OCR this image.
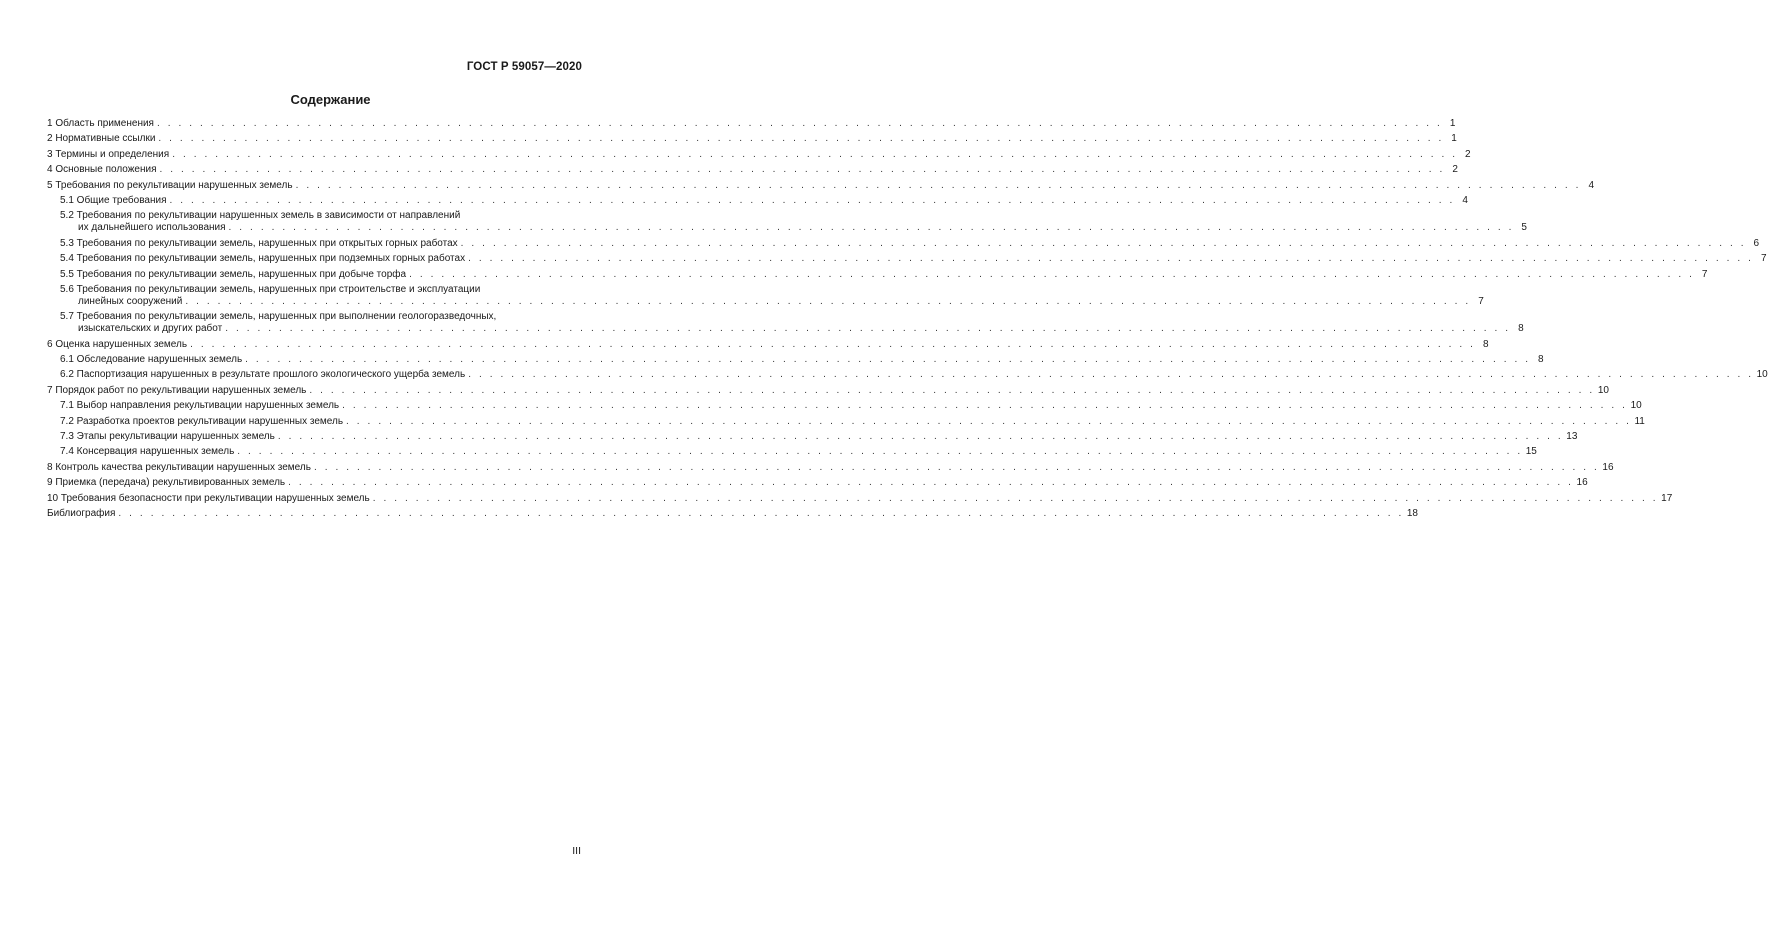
ГОСТ Р 59057—2020
Содержание
1 Область применения . . . . . . . . . . . . . . . . . . . . . . . . . . . . . . . . . . . . . . . . . . . . . . . . . . . . . . . . . . . . . . . . . . . . . . . . . . . . . . . . . . . . . . . . . . . . . . . . . . . . . . . . . . . . . . . . . . . . . . . . 1
2 Нормативные ссылки . . . . . . . . . . . . . . . . . . . . . . . . . . . . . . . . . . . . . . . . . . . . . . . . . . . . . . . . . . . . . . . . . . . . . . . . . . . . . . . . . . . . . . . . . . . . . . . . . . . . . . . . . . . . . . . . . . . . . . . . 1
3 Термины и определения . . . . . . . . . . . . . . . . . . . . . . . . . . . . . . . . . . . . . . . . . . . . . . . . . . . . . . . . . . . . . . . . . . . . . . . . . . . . . . . . . . . . . . . . . . . . . . . . . . . . . . . . . . . . . . . . . . . . . . . . 2
4 Основные положения . . . . . . . . . . . . . . . . . . . . . . . . . . . . . . . . . . . . . . . . . . . . . . . . . . . . . . . . . . . . . . . . . . . . . . . . . . . . . . . . . . . . . . . . . . . . . . . . . . . . . . . . . . . . . . . . . . . . . . . . 2
5 Требования по рекультивации нарушенных земель . . . . . . . . . . . . . . . . . . . . . . . . . . . . . . . . . . . . . . . . . . . . . . . . . . . . . . . . . . . . . . . . . . . . . . . . . . . . . . . . . . . . . . . . . . . . . . . . . . . . . . . . . . . . . . . . . . . . . . . . 4
5.1 Общие требования . . . . . . . . . . . . . . . . . . . . . . . . . . . . . . . . . . . . . . . . . . . . . . . . . . . . . . . . . . . . . . . . . . . . . . . . . . . . . . . . . . . . . . . . . . . . . . . . . . . . . . . . . . . . . . . . . . . . . . . . 4
5.2 Требования по рекультивации нарушенных земель в зависимости от направлений
их дальнейшего использования . . . . . . . . . . . . . . . . . . . . . . . . . . . . . . . . . . . . . . . . . . . . . . . . . . . . . . . . . . . . . . . . . . . . . . . . . . . . . . . . . . . . . . . . . . . . . . . . . . . . . . . . . . . . . . . . . . . . . . . . 5
5.3 Требования по рекультивации земель, нарушенных при открытых горных работах . . . . . . . . . . . . . . . . . . . . . . . . . . . . . . . . . . . . . . . . . . . . . . . . . . . . . . . . . . . . . . . . . . . . . . . . . . . . . . . . . . . . . . . . . . . . . . . . . . . . . . . . . . . . . . . . . . . . . . . . 6
5.4 Требования по рекультивации земель, нарушенных при подземных горных работах . . . . . . . . . . . . . . . . . . . . . . . . . . . . . . . . . . . . . . . . . . . . . . . . . . . . . . . . . . . . . . . . . . . . . . . . . . . . . . . . . . . . . . . . . . . . . . . . . . . . . . . . . . . . . . . . . . . . . . . . 7
5.5 Требования по рекультивации земель, нарушенных при добыче торфа . . . . . . . . . . . . . . . . . . . . . . . . . . . . . . . . . . . . . . . . . . . . . . . . . . . . . . . . . . . . . . . . . . . . . . . . . . . . . . . . . . . . . . . . . . . . . . . . . . . . . . . . . . . . . . . . . . . . . . . . 7
5.6 Требования по рекультивации земель, нарушенных при строительстве и эксплуатации
линейных сооружений . . . . . . . . . . . . . . . . . . . . . . . . . . . . . . . . . . . . . . . . . . . . . . . . . . . . . . . . . . . . . . . . . . . . . . . . . . . . . . . . . . . . . . . . . . . . . . . . . . . . . . . . . . . . . . . . . . . . . . . . 7
5.7 Требования по рекультивации земель, нарушенных при выполнении геологоразведочных,
изыскательских и других работ . . . . . . . . . . . . . . . . . . . . . . . . . . . . . . . . . . . . . . . . . . . . . . . . . . . . . . . . . . . . . . . . . . . . . . . . . . . . . . . . . . . . . . . . . . . . . . . . . . . . . . . . . . . . . . . . . . . . . . . . 8
6 Оценка нарушенных земель . . . . . . . . . . . . . . . . . . . . . . . . . . . . . . . . . . . . . . . . . . . . . . . . . . . . . . . . . . . . . . . . . . . . . . . . . . . . . . . . . . . . . . . . . . . . . . . . . . . . . . . . . . . . . . . . . . . . . . . . 8
6.1 Обследование нарушенных земель . . . . . . . . . . . . . . . . . . . . . . . . . . . . . . . . . . . . . . . . . . . . . . . . . . . . . . . . . . . . . . . . . . . . . . . . . . . . . . . . . . . . . . . . . . . . . . . . . . . . . . . . . . . . . . . . . . . . . . . . 8
6.2 Паспортизация нарушенных в результате прошлого экологического ущерба земель . . . . . . . . . . . . . . . . . . . . . . . . . . . . . . . . . . . . . . . . . . . . . . . . . . . . . . . . . . . . . . . . . . . . . . . . . . . . . . . . . . . . . . . . . . . . . . . . . . . . . . . . . . . . . . . . . . . . . . . . 10
7 Порядок работ по рекультивации нарушенных земель . . . . . . . . . . . . . . . . . . . . . . . . . . . . . . . . . . . . . . . . . . . . . . . . . . . . . . . . . . . . . . . . . . . . . . . . . . . . . . . . . . . . . . . . . . . . . . . . . . . . . . . . . . . . . . . . . . . . . . . . 10
7.1 Выбор направления рекультивации нарушенных земель . . . . . . . . . . . . . . . . . . . . . . . . . . . . . . . . . . . . . . . . . . . . . . . . . . . . . . . . . . . . . . . . . . . . . . . . . . . . . . . . . . . . . . . . . . . . . . . . . . . . . . . . . . . . . . . . . . . . . . . . 10
7.2 Разработка проектов рекультивации нарушенных земель . . . . . . . . . . . . . . . . . . . . . . . . . . . . . . . . . . . . . . . . . . . . . . . . . . . . . . . . . . . . . . . . . . . . . . . . . . . . . . . . . . . . . . . . . . . . . . . . . . . . . . . . . . . . . . . . . . . . . . . . 11
7.3 Этапы рекультивации нарушенных земель . . . . . . . . . . . . . . . . . . . . . . . . . . . . . . . . . . . . . . . . . . . . . . . . . . . . . . . . . . . . . . . . . . . . . . . . . . . . . . . . . . . . . . . . . . . . . . . . . . . . . . . . . . . . . . . . . . . . . . . . 13
7.4 Консервация нарушенных земель . . . . . . . . . . . . . . . . . . . . . . . . . . . . . . . . . . . . . . . . . . . . . . . . . . . . . . . . . . . . . . . . . . . . . . . . . . . . . . . . . . . . . . . . . . . . . . . . . . . . . . . . . . . . . . . . . . . . . . . . 15
8 Контроль качества рекультивации нарушенных земель . . . . . . . . . . . . . . . . . . . . . . . . . . . . . . . . . . . . . . . . . . . . . . . . . . . . . . . . . . . . . . . . . . . . . . . . . . . . . . . . . . . . . . . . . . . . . . . . . . . . . . . . . . . . . . . . . . . . . . . . 16
9 Приемка (передача) рекультивированных земель . . . . . . . . . . . . . . . . . . . . . . . . . . . . . . . . . . . . . . . . . . . . . . . . . . . . . . . . . . . . . . . . . . . . . . . . . . . . . . . . . . . . . . . . . . . . . . . . . . . . . . . . . . . . . . . . . . . . . . . . 16
10 Требования безопасности при рекультивации нарушенных земель . . . . . . . . . . . . . . . . . . . . . . . . . . . . . . . . . . . . . . . . . . . . . . . . . . . . . . . . . . . . . . . . . . . . . . . . . . . . . . . . . . . . . . . . . . . . . . . . . . . . . . . . . . . . . . . . . . . . . . . . 17
Библиография . . . . . . . . . . . . . . . . . . . . . . . . . . . . . . . . . . . . . . . . . . . . . . . . . . . . . . . . . . . . . . . . . . . . . . . . . . . . . . . . . . . . . . . . . . . . . . . . . . . . . . . . . . . . . . . . . . . . . . . . 18
III
